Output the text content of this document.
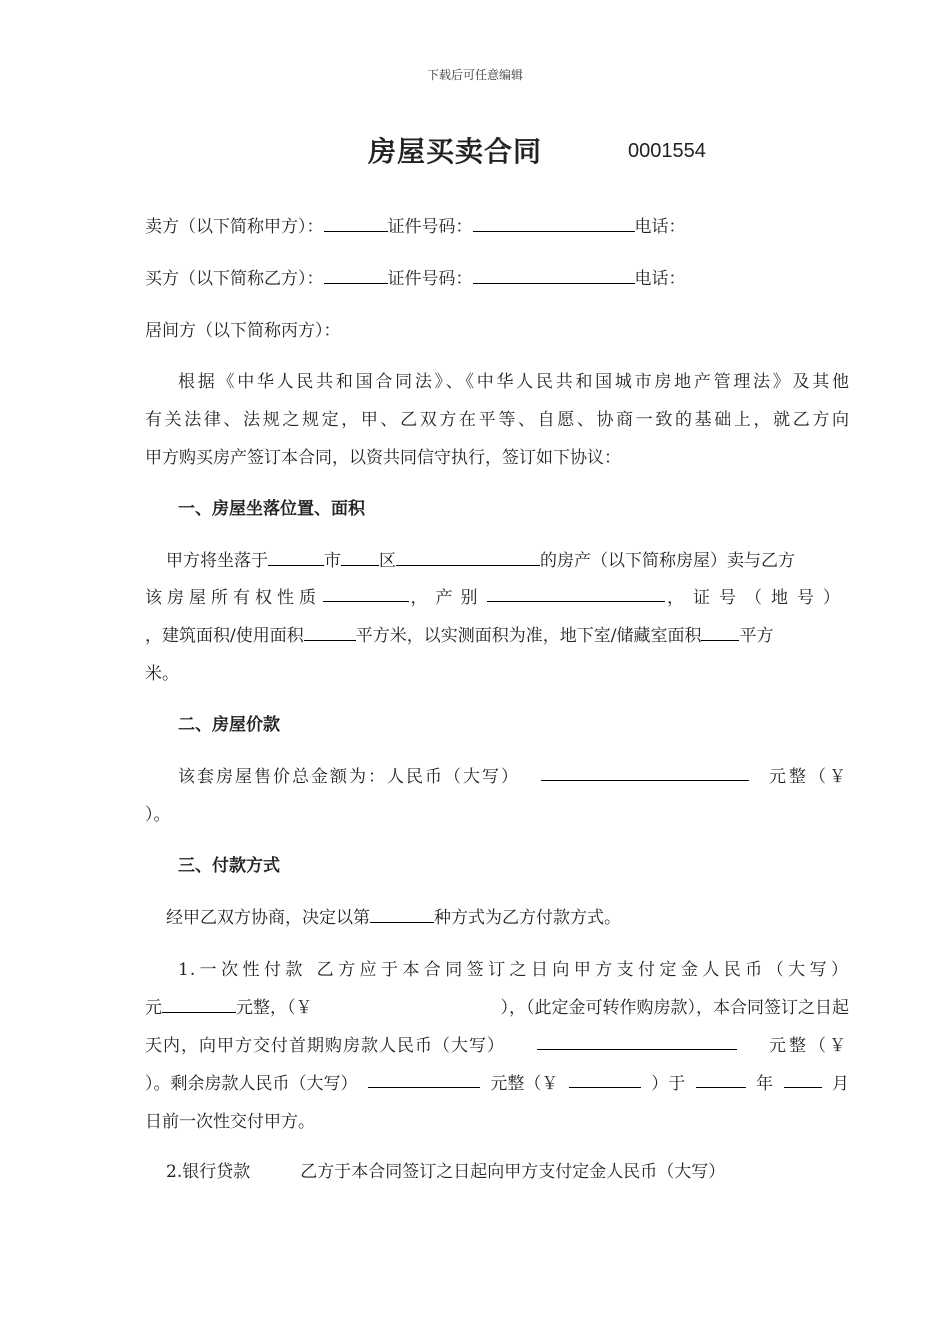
下载后可任意编辑
房屋买卖合同	0001554
卖方（以下简称甲方）：	证件号码：	电话：
买方（以下简称乙方）：	证件号码：	电话：
居间方（以下简称丙方）：
根据《中华人民共和国合同法》、《中华人民共和国城市房地产管理法》及其他
有关法律、法规之规定，甲、乙双方在平等、自愿、协商一致的基础上，就乙方向
甲方购买房产签订本合同，以资共同信守执行，签订如下协议：
一、房屋坐落位置、面积
甲方将坐落于	市 区	的房产（以下简称房屋）卖与乙方
该房屋所有权性质	，产别	，证号（地号）
，建筑面积/使用面积	平方米，以实测面积为准，地下室/储藏室面积 平方
米。
二、房屋价款
该套房屋售价总金额为：人民币（大写）	元整（￥
）。
三、付款方式
经甲乙双方协商，决定以第	种方式为乙方付款方式。
1.一次性付款 乙方应于本合同签订之日向甲方支付定金人民币（大写）
元	元整，（￥	），（此定金可转作购房款），本合同签订之日起
天内，向甲方交付首期购房款人民币（大写）	元整（￥
）。剩余房款人民币（大写）	元整（￥	）于	年	月
日前一次性交付甲方。
2.银行贷款	乙方于本合同签订之日起向甲方支付定金人民币（大写）
